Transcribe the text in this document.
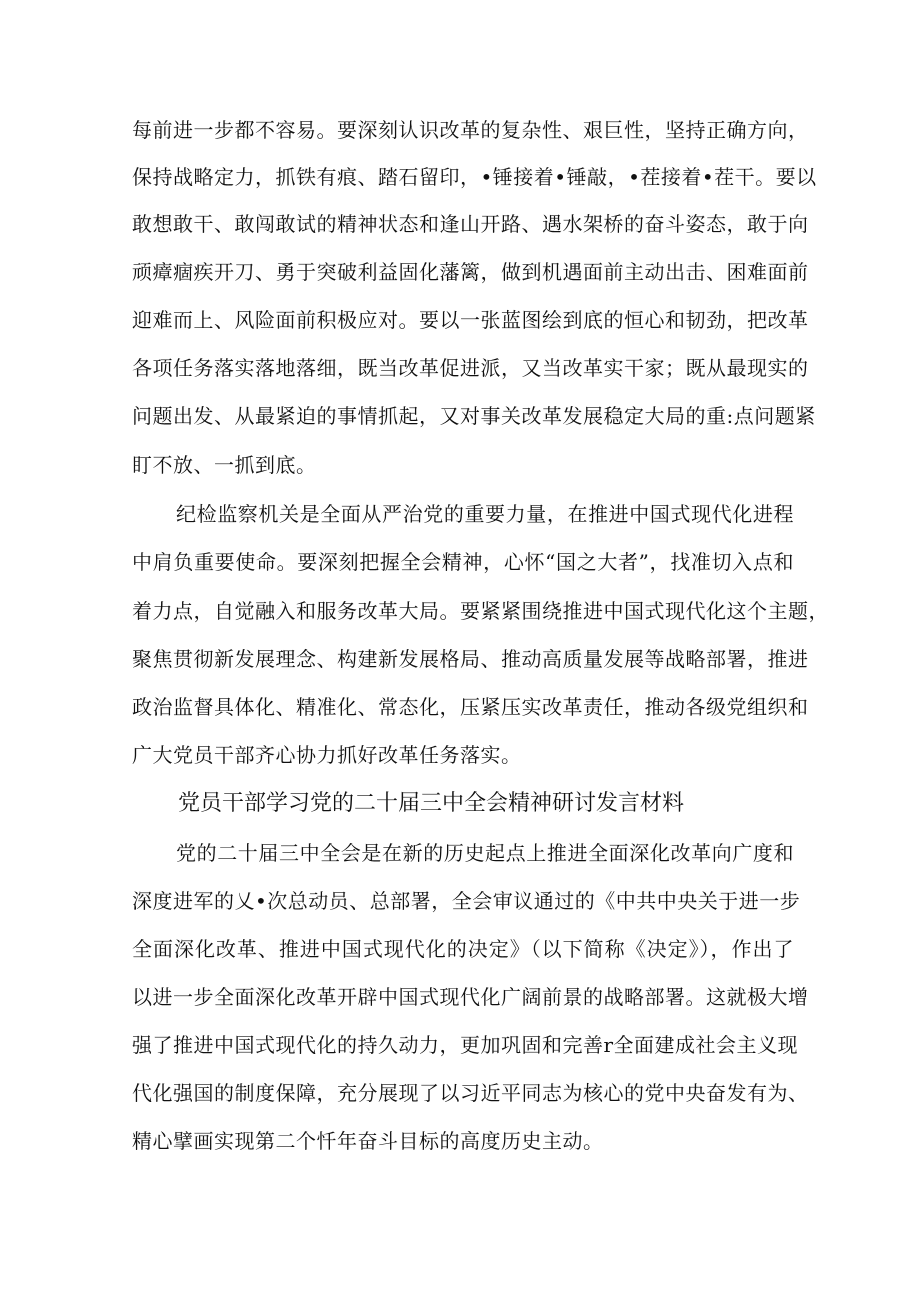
每前进一步都不容易。要深刻认识改革的复杂性、艰巨性，坚持正确方向，
保持战略定力，抓铁有痕、踏石留印，•锤接着•锤敲，•茬接着•茬干。要以
敢想敢干、敢闯敢试的精神状态和逢山开路、遇水架桥的奋斗姿态，敢于向
顽瘴痼疾开刀、勇于突破利益固化藩篱，做到机遇面前主动出击、困难面前
迎难而上、风险面前积极应对。要以一张蓝图绘到底的恒心和韧劲，把改革
各项任务落实落地落细，既当改革促进派，又当改革实干家；既从最现实的
问题出发、从最紧迫的事情抓起，又对事关改革发展稳定大局的重:点问题紧
盯不放、一抓到底。
纪检监察机关是全面从严治党的重要力量，在推进中国式现代化进程
中肩负重要使命。要深刻把握全会精神，心怀“国之大者”，找准切入点和
着力点，自觉融入和服务改革大局。要紧紧围绕推进中国式现代化这个主题，
聚焦贯彻新发展理念、构建新发展格局、推动高质量发展等战略部署，推进
政治监督具体化、精准化、常态化，压紧压实改革责任，推动各级党组织和
广大党员干部齐心协力抓好改革任务落实。
党员干部学习党的二十届三中全会精神研讨发言材料
党的二十届三中全会是在新的历史起点上推进全面深化改革向广度和
深度进军的乂•次总动员、总部署，全会审议通过的《中共中央关于进一步
全面深化改革、推进中国式现代化的决定》（以下简称《决定》），作出了
以进一步全面深化改革开辟中国式现代化广阔前景的战略部署。这就极大增
强了推进中国式现代化的持久动力，更加巩固和完善r全面建成社会主义现
代化强国的制度保障，充分展现了以习近平同志为核心的党中央奋发有为、
精心擘画实现第二个忏年奋斗目标的高度历史主动。
